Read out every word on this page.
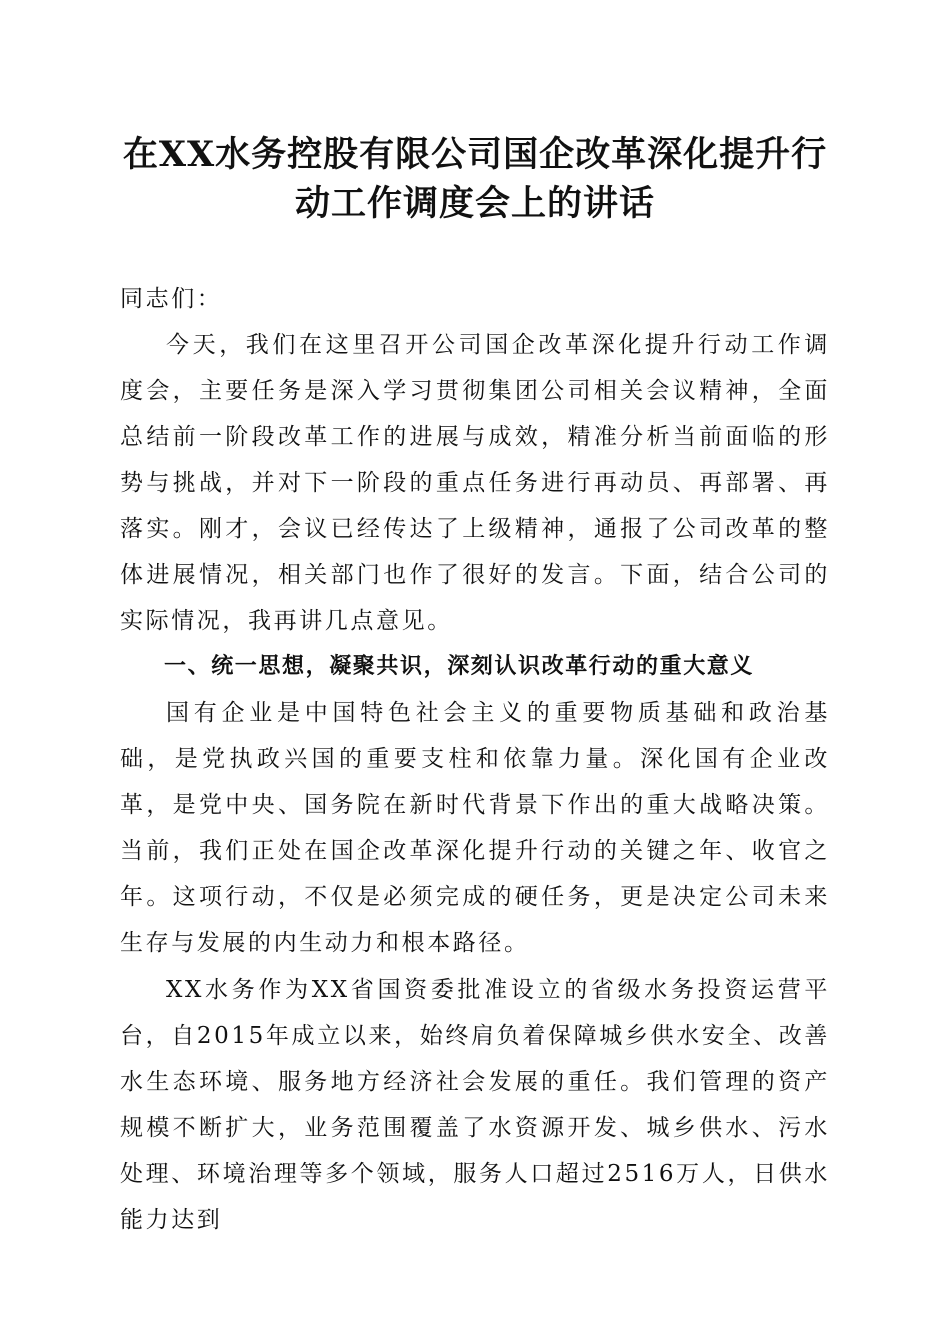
在XX水务控股有限公司国企改革深化提升行动工作调度会上的讲话

同志们：

今天，我们在这里召开公司国企改革深化提升行动工作调度会，主要任务是深入学习贯彻集团公司相关会议精神，全面总结前一阶段改革工作的进展与成效，精准分析当前面临的形势与挑战，并对下一阶段的重点任务进行再动员、再部署、再落实。刚才，会议已经传达了上级精神，通报了公司改革的整体进展情况，相关部门也作了很好的发言。下面，结合公司的实际情况，我再讲几点意见。

一、统一思想，凝聚共识，深刻认识改革行动的重大意义

国有企业是中国特色社会主义的重要物质基础和政治基础，是党执政兴国的重要支柱和依靠力量。深化国有企业改革，是党中央、国务院在新时代背景下作出的重大战略决策。当前，我们正处在国企改革深化提升行动的关键之年、收官之年。这项行动，不仅是必须完成的硬任务，更是决定公司未来生存与发展的内生动力和根本路径。

XX水务作为XX省国资委批准设立的省级水务投资运营平台，自2015年成立以来，始终肩负着保障城乡供水安全、改善水生态环境、服务地方经济社会发展的重任。我们管理的资产规模不断扩大，业务范围覆盖了水资源开发、城乡供水、污水处理、环境治理等多个领域，服务人口超过2516万人，日供水能力达到
